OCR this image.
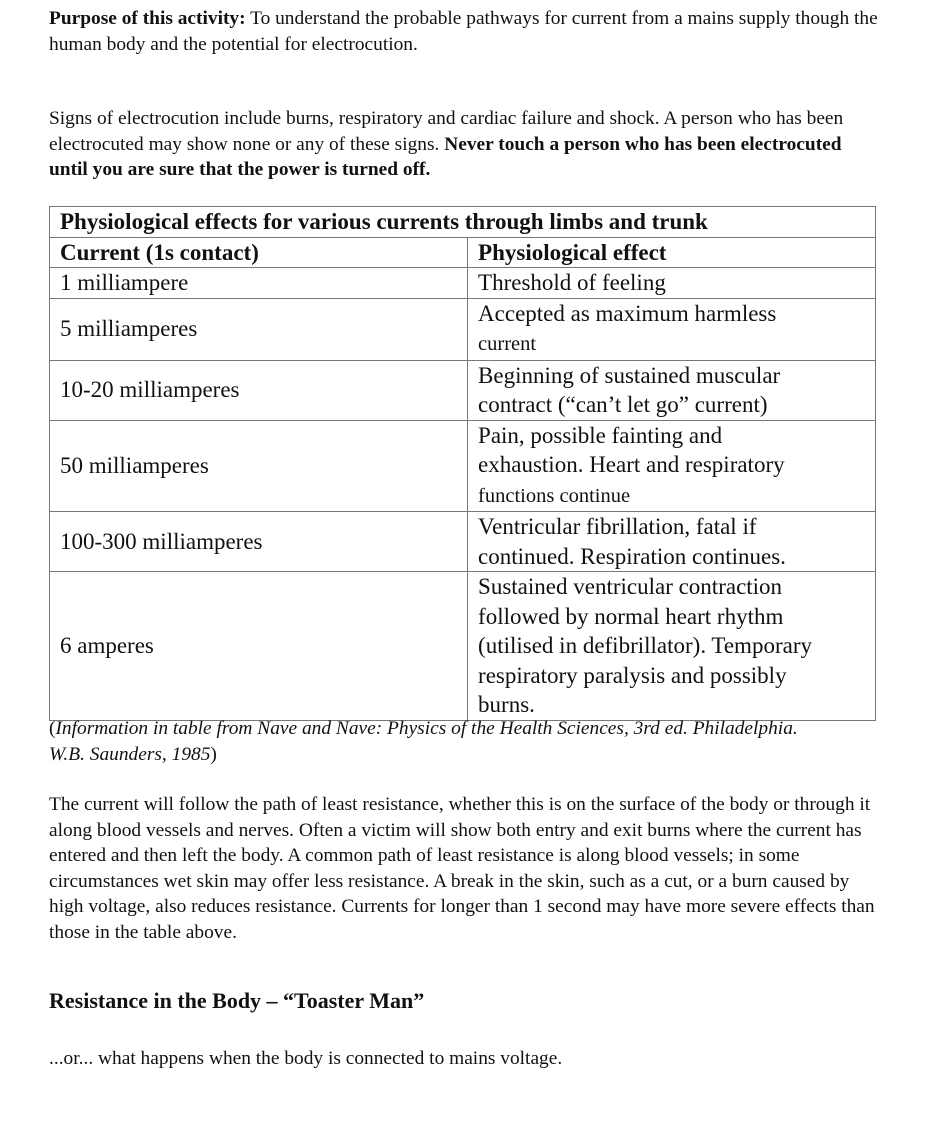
Purpose of this activity: To understand the probable pathways for current from a mains supply though the human body and the potential for electrocution.

Signs of electrocution include burns, respiratory and cardiac failure and shock. A person who has been electrocuted may show none or any of these signs. Never touch a person who has been electrocuted until you are sure that the power is turned off.

Physiological effects for various currents through limbs and trunk	
Current (1s contact)	Physiological effect
1 milliampere	Threshold of feeling
5 milliamperes	Accepted as maximum harmless
current
10-20 milliamperes	Beginning of sustained muscular
contract (“can’t let go” current)
50 milliamperes	Pain, possible fainting and
exhaustion. Heart and respiratory
functions continue
100-300 milliamperes	Ventricular fibrillation, fatal if
continued. Respiration continues.
6 amperes	Sustained ventricular contraction
followed by normal heart rhythm
(utilised in defibrillator). Temporary
respiratory paralysis and possibly
burns.

(Information in table from Nave and Nave: Physics of the Health Sciences, 3rd ed. Philadelphia. W.B. Saunders, 1985)

The current will follow the path of least resistance, whether this is on the surface of the body or through it along blood vessels and nerves. Often a victim will show both entry and exit burns where the current has entered and then left the body. A common path of least resistance is along blood vessels; in some circumstances wet skin may offer less resistance. A break in the skin, such as a cut, or a burn caused by high voltage, also reduces resistance. Currents for longer than 1 second may have more severe effects than those in the table above.

Resistance in the Body – “Toaster Man”

...or... what happens when the body is connected to mains voltage.
